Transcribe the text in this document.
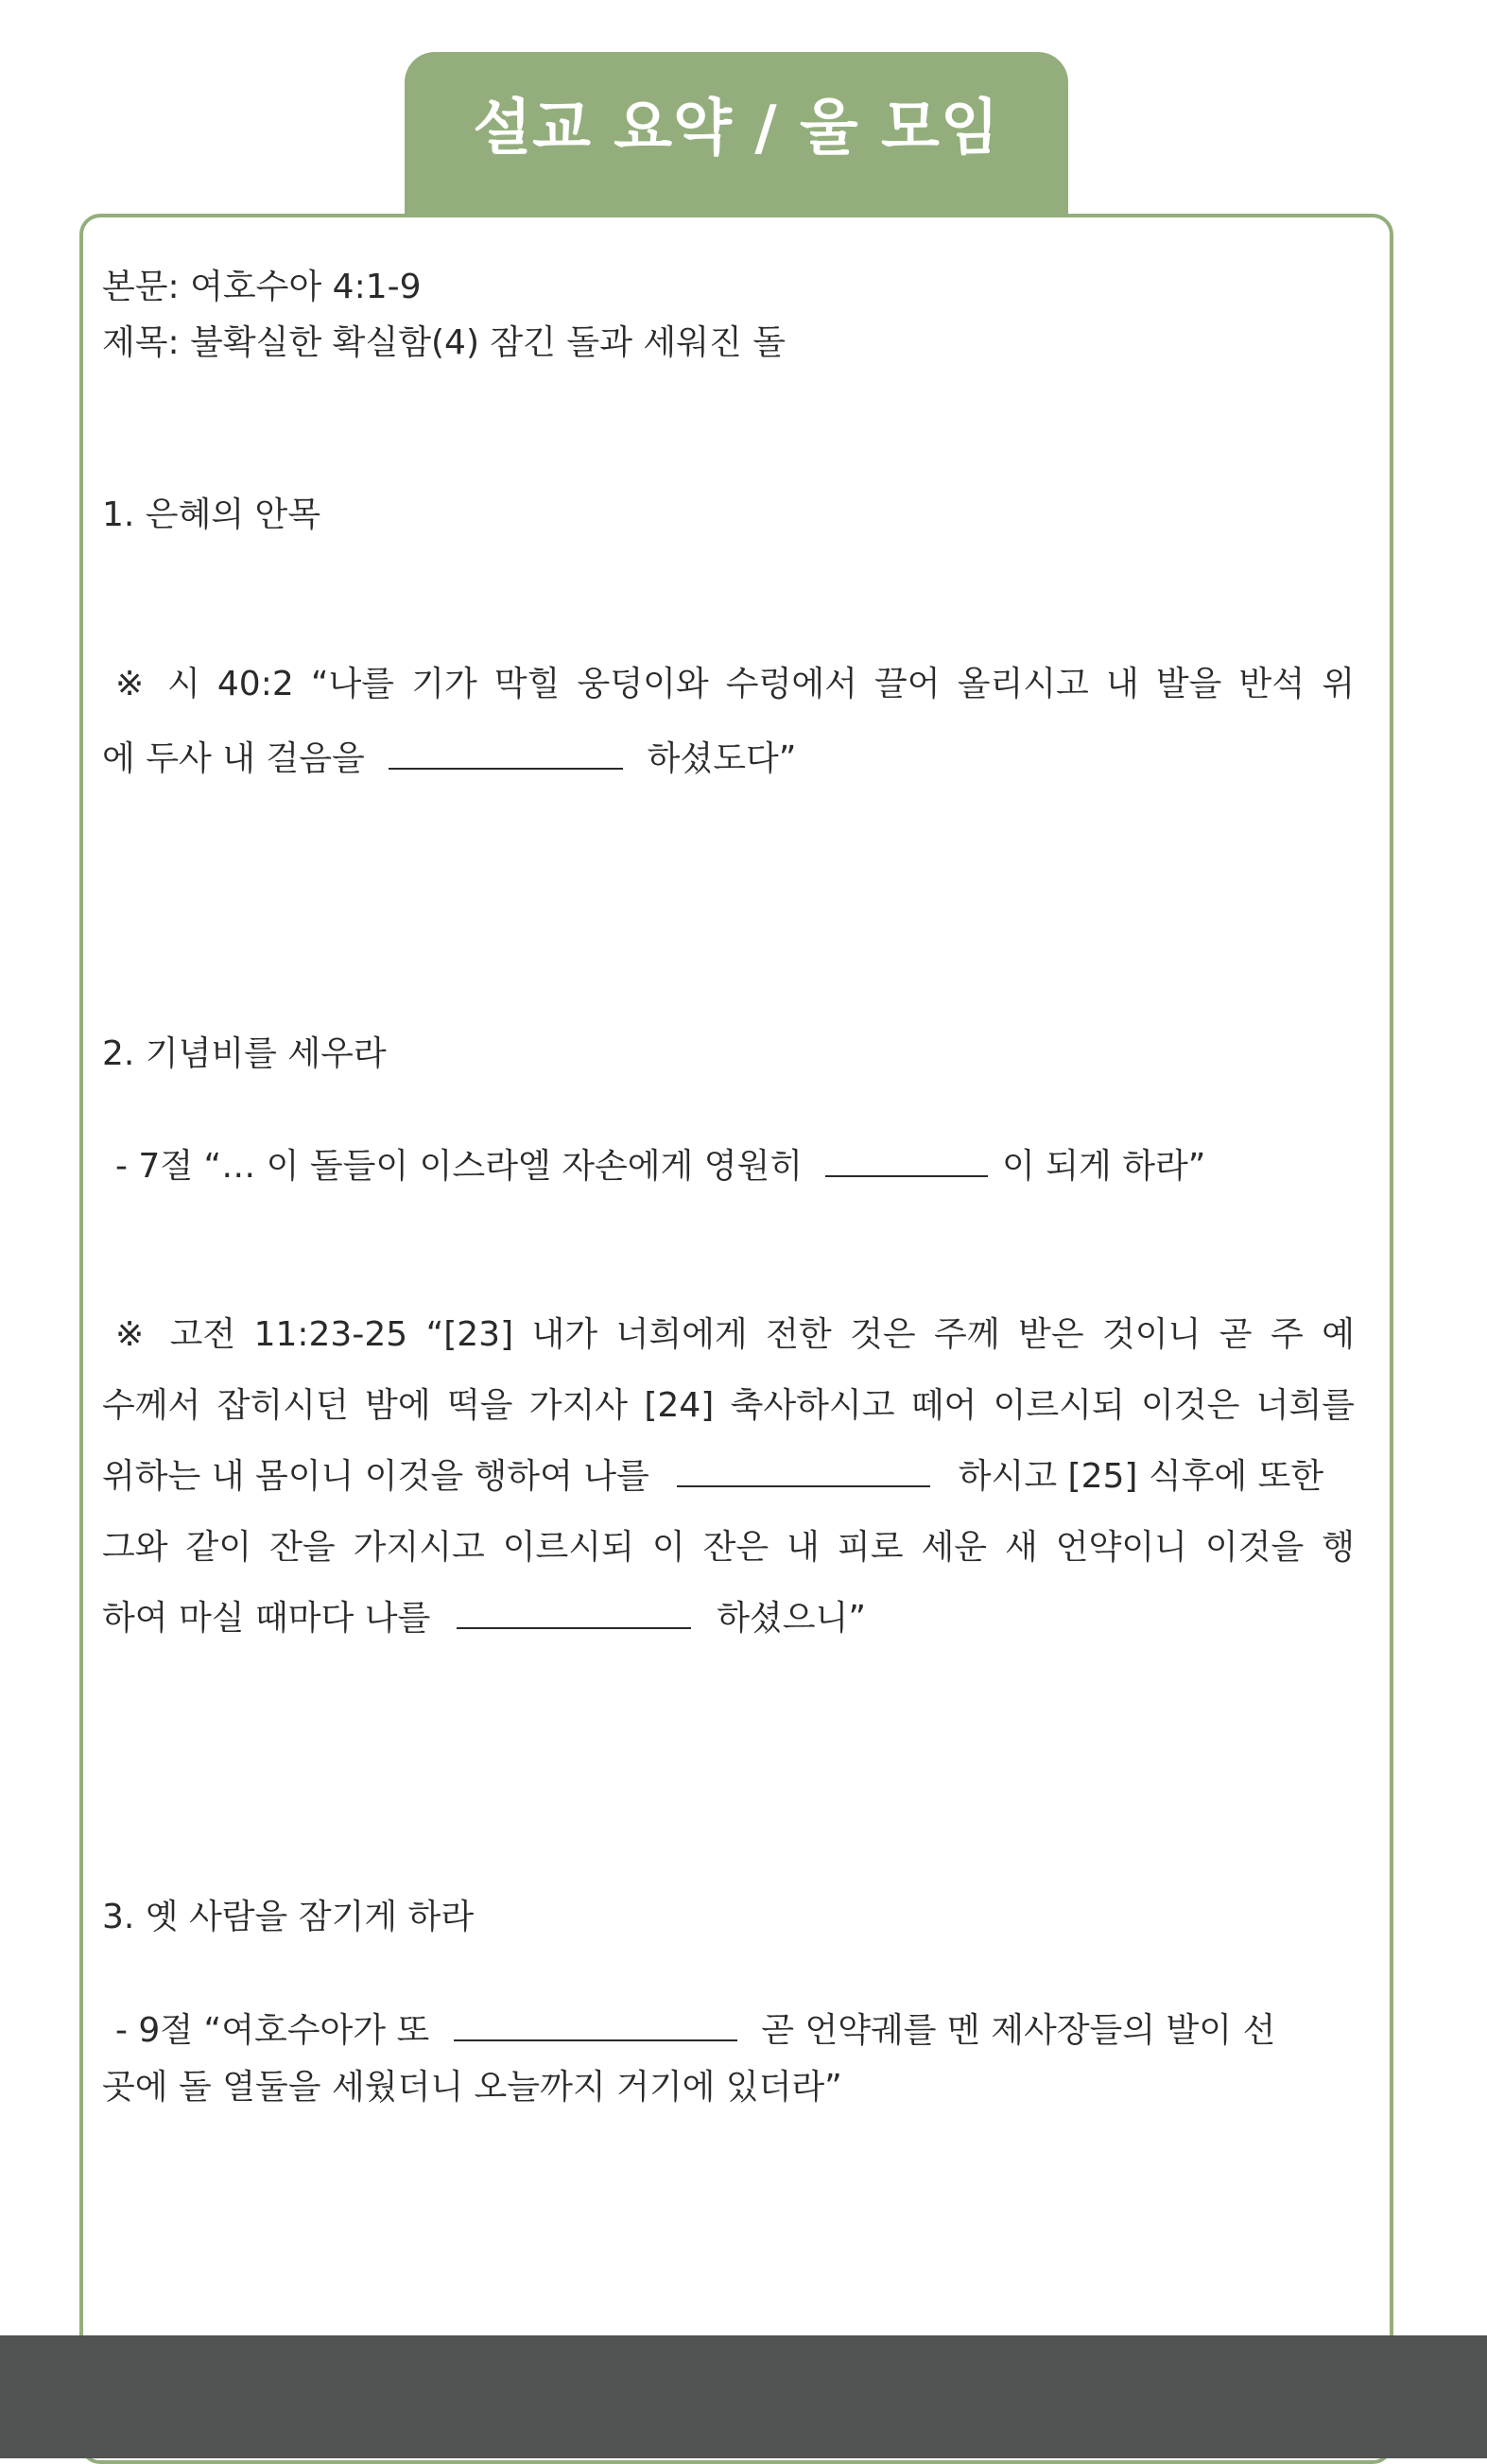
설교 요약 / 울 모임
본문: 여호수아 4:1-9
제목: 불확실한 확실함(4) 잠긴 돌과 세워진 돌
1. 은혜의 안목
※ 시 40:2 “나를 기가 막힐 웅덩이와 수렁에서 끌어 올리시고 내 발을 반석 위
에 두사 내 걸음을	하셨도다”
2. 기념비를 세우라
- 7절 “… 이 돌들이 이스라엘 자손에게 영원히	이 되게 하라”
※ 고전 11:23-25 “[23] 내가 너희에게 전한 것은 주께 받은 것이니 곧 주 예
수께서 잡히시던 밤에 떡을 가지사 [24] 축사하시고 떼어 이르시되 이것은 너희를
위하는 내 몸이니 이것을 행하여 나를	하시고 [25] 식후에 또한
그와 같이 잔을 가지시고 이르시되 이 잔은 내 피로 세운 새 언약이니 이것을 행
하여 마실 때마다 나를	하셨으니”
3. 옛 사람을 잠기게 하라
- 9절 “여호수아가 또	곧 언약궤를 멘 제사장들의 발이 선
곳에 돌 열둘을 세웠더니 오늘까지 거기에 있더라”
